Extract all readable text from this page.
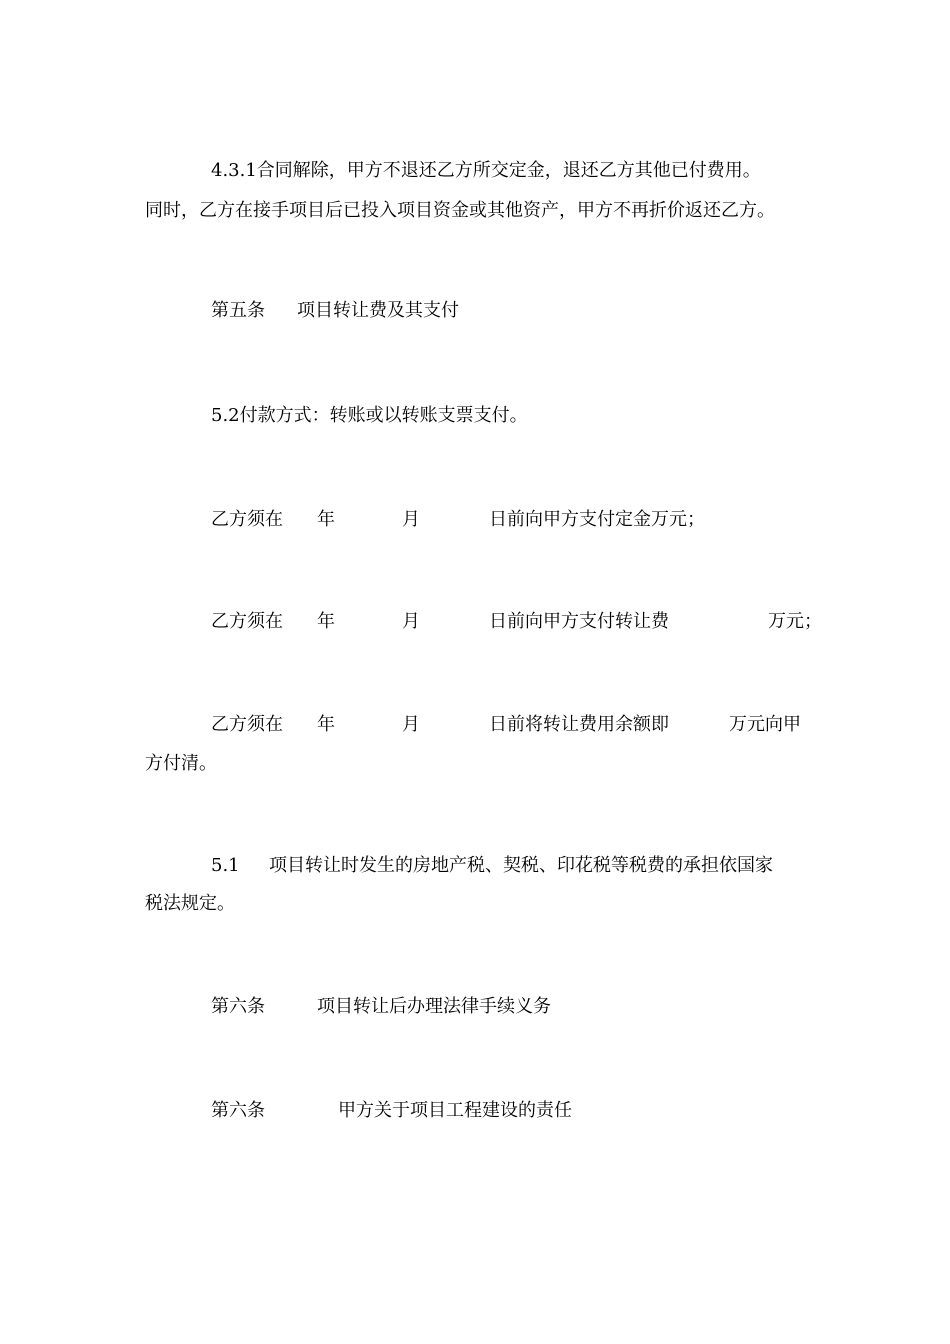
4.3.1合同解除，甲方不退还乙方所交定金，退还乙方其他已付费用。
同时，乙方在接手项目后已投入项目资金或其他资产，甲方不再折价返还乙方。
第五条 项目转让费及其支付
5.2付款方式：转账或以转账支票支付。
乙方须在 年	月	日前向甲方支付定金万元；
乙方须在 年	月	日前向甲方支付转让费	万元；
乙方须在 年	月	日前将转让费用余额即	万元向甲
方付清。
5.1 项目转让时发生的房地产税、契税、印花税等税费的承担依国家
税法规定。
第六条	项目转让后办理法律手续义务
第六条	甲方关于项目工程建设的责任
